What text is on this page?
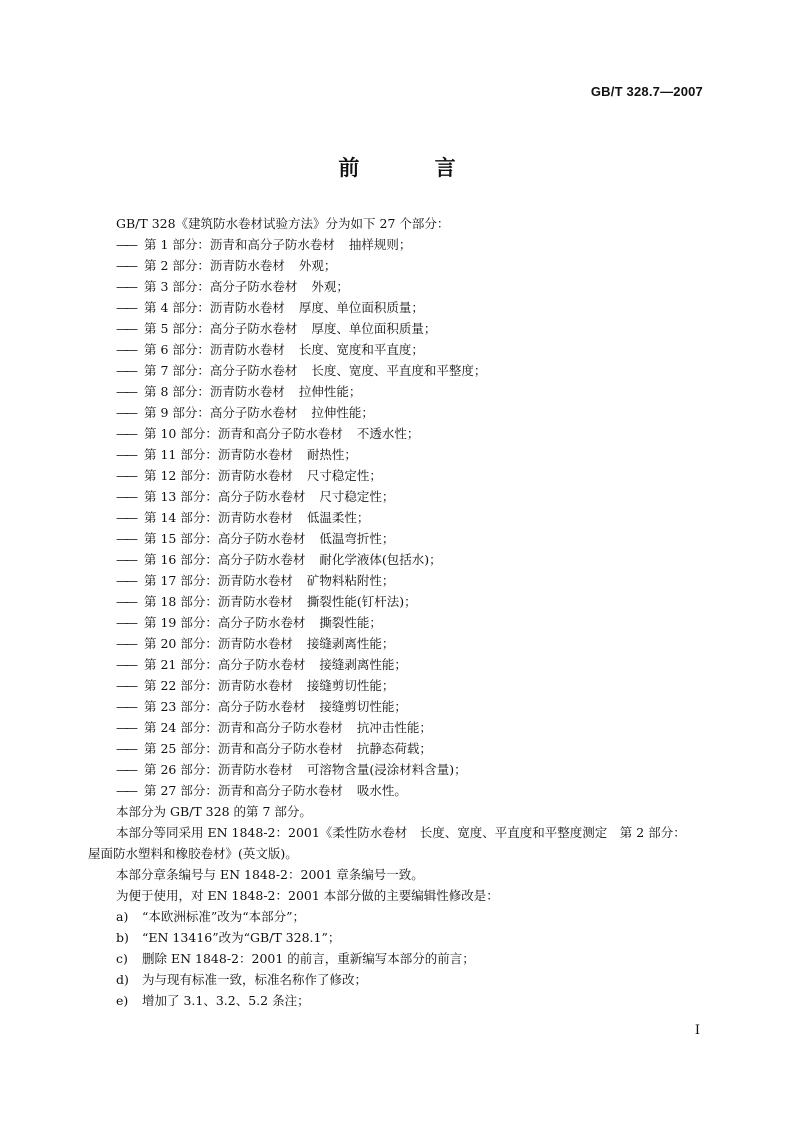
GB/T 328.7—2007
前 言

GB/T 328《建筑防水卷材试验方法》分为如下 27 个部分：

—— 第 1 部分：沥青和高分子防水卷材 抽样规则；

—— 第 2 部分：沥青防水卷材 外观；

—— 第 3 部分：高分子防水卷材 外观；

—— 第 4 部分：沥青防水卷材 厚度、单位面积质量；

—— 第 5 部分：高分子防水卷材 厚度、单位面积质量；

—— 第 6 部分：沥青防水卷材 长度、宽度和平直度；

—— 第 7 部分：高分子防水卷材 长度、宽度、平直度和平整度；

—— 第 8 部分：沥青防水卷材 拉伸性能；

—— 第 9 部分：高分子防水卷材 拉伸性能；

—— 第 10 部分：沥青和高分子防水卷材 不透水性；

—— 第 11 部分：沥青防水卷材 耐热性；

—— 第 12 部分：沥青防水卷材 尺寸稳定性；

—— 第 13 部分：高分子防水卷材 尺寸稳定性；

—— 第 14 部分：沥青防水卷材 低温柔性；

—— 第 15 部分：高分子防水卷材 低温弯折性；

—— 第 16 部分：高分子防水卷材 耐化学液体(包括水)；

—— 第 17 部分：沥青防水卷材 矿物料粘附性；

—— 第 18 部分：沥青防水卷材 撕裂性能(钉杆法)；

—— 第 19 部分：高分子防水卷材 撕裂性能；

—— 第 20 部分：沥青防水卷材 接缝剥离性能；

—— 第 21 部分：高分子防水卷材 接缝剥离性能；

—— 第 22 部分：沥青防水卷材 接缝剪切性能；

—— 第 23 部分：高分子防水卷材 接缝剪切性能；

—— 第 24 部分：沥青和高分子防水卷材 抗冲击性能；

—— 第 25 部分：沥青和高分子防水卷材 抗静态荷载；

—— 第 26 部分：沥青防水卷材 可溶物含量(浸涂材料含量)；

—— 第 27 部分：沥青和高分子防水卷材 吸水性。

本部分为 GB/T 328 的第 7 部分。

本部分等同采用 EN 1848-2：2001《柔性防水卷材　长度、宽度、平直度和平整度测定　第 2 部分：

屋面防水塑料和橡胶卷材》(英文版)。

本部分章条编号与 EN 1848-2：2001 章条编号一致。

为便于使用，对 EN 1848-2：2001 本部分做的主要编辑性修改是：

a) “本欧洲标准”改为“本部分”；

b) “EN 13416”改为“GB/T 328.1”；

c) 删除 EN 1848-2：2001 的前言，重新编写本部分的前言；

d) 为与现有标准一致，标准名称作了修改；

e) 增加了 3.1、3.2、5.2 条注；

I
